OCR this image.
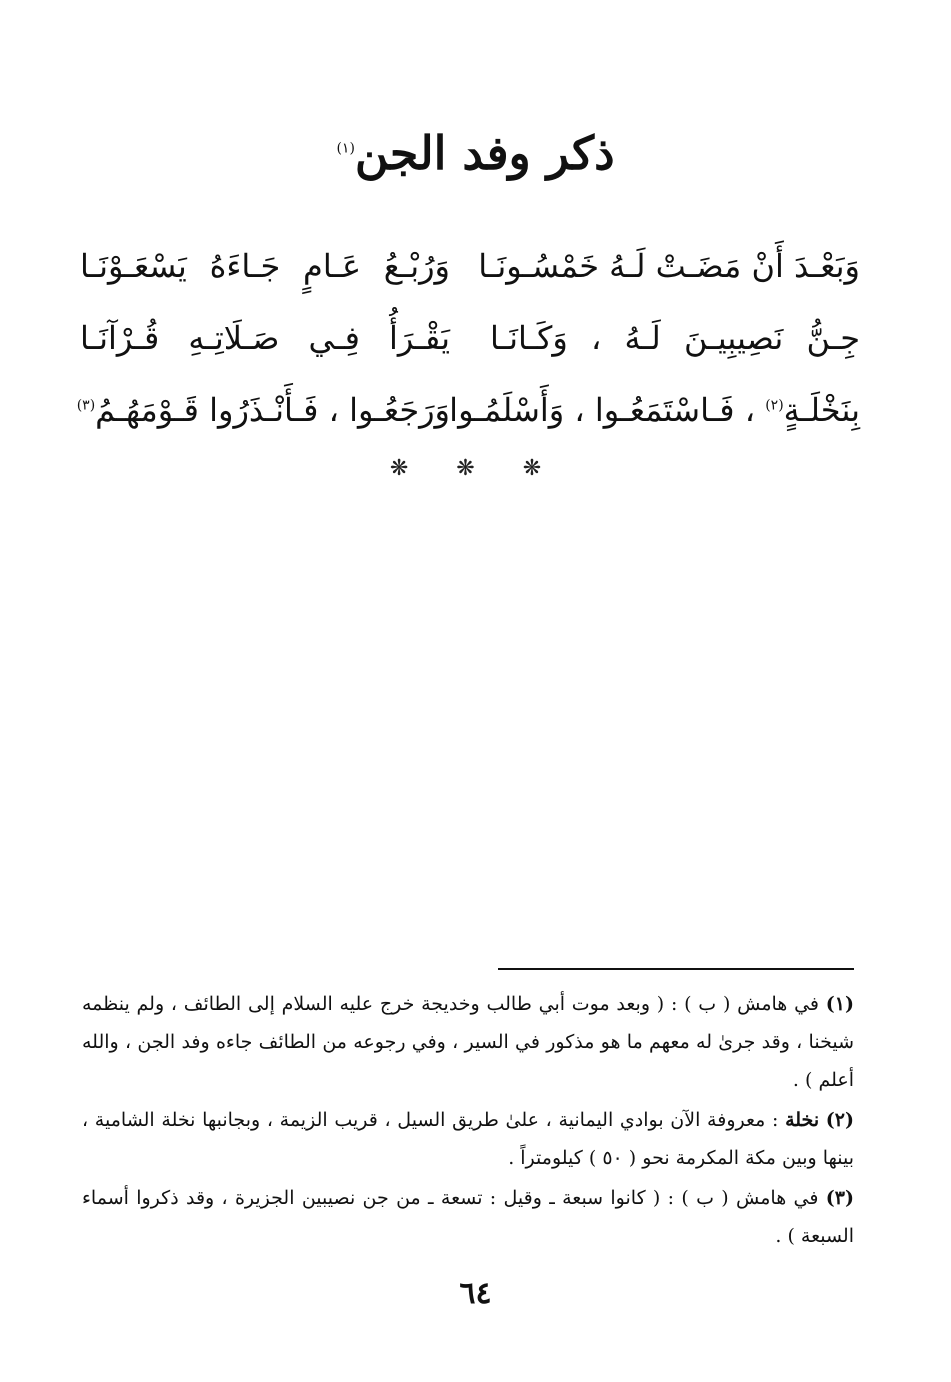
ذكر وفد الجن$^{(١)}$
وَبَعْـدَ أَنْ مَضَـتْ لَـهُ خَمْسُـونَـا
وَرُبْـعُ عَـامٍ جَـاءَهُ يَسْعَـوْنَـا
جِـنُّ نَصِيبِيـنَ لَـهُ ، وَكَـانَـا
يَقْـرَأُ فِـي صَـلَاتِـهِ قُـرْآنَـا
بِنَخْلَـةٍ$^{(٢)}$ ، فَـاسْتَمَعُـوا ، وَأَسْلَمُـوا
وَرَجَعُـوا ، فَـأَنْـذَرُوا قَـوْمَهُـمُ$^{(٣)}$
❋❋❋
(١) في هامش ( ب ) : ( وبعد موت أبي طالب وخديجة خرج عليه السلام إلى الطائف ، ولم ينظمه شيخنا ، وقد جرىٰ له معهم ما هو مذكور في السير ، وفي رجوعه من الطائف جاءه وفد الجن ، والله أعلم ) .
(٢) نخلة : معروفة الآن بوادي اليمانية ، علىٰ طريق السيل ، قريب الزيمة ، وبجانبها نخلة الشامية ، بينها وبين مكة المكرمة نحو ( ٥٠ ) كيلومتراً .
(٣) في هامش ( ب ) : ( كانوا سبعة ـ وقيل : تسعة ـ من جن نصيبين الجزيرة ، وقد ذكروا أسماء السبعة ) .
٦٤
